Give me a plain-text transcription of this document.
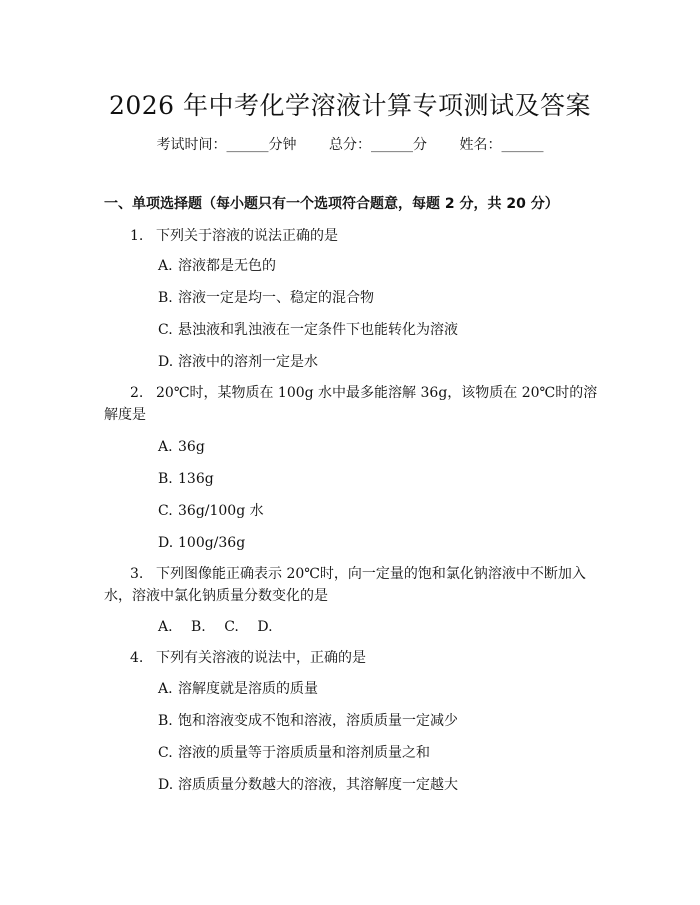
2026 年中考化学溶液计算专项测试及答案
考试时间：______分钟 总分：______分 姓名：______
一、单项选择题（每小题只有一个选项符合题意，每题 2 分，共 20 分）
1. 下列关于溶液的说法正确的是
A. 溶液都是无色的
B. 溶液一定是均一、稳定的混合物
C. 悬浊液和乳浊液在一定条件下也能转化为溶液
D. 溶液中的溶剂一定是水
2. 20℃时，某物质在 100g 水中最多能溶解 36g，该物质在 20℃时的溶解度是
A. 36g
B. 136g
C. 36g/100g 水
D. 100g/36g
3. 下列图像能正确表示 20℃时，向一定量的饱和氯化钠溶液中不断加入水，溶液中氯化钠质量分数变化的是
A. B. C. D.
4. 下列有关溶液的说法中，正确的是
A. 溶解度就是溶质的质量
B. 饱和溶液变成不饱和溶液，溶质质量一定减少
C. 溶液的质量等于溶质质量和溶剂质量之和
D. 溶质质量分数越大的溶液，其溶解度一定越大
